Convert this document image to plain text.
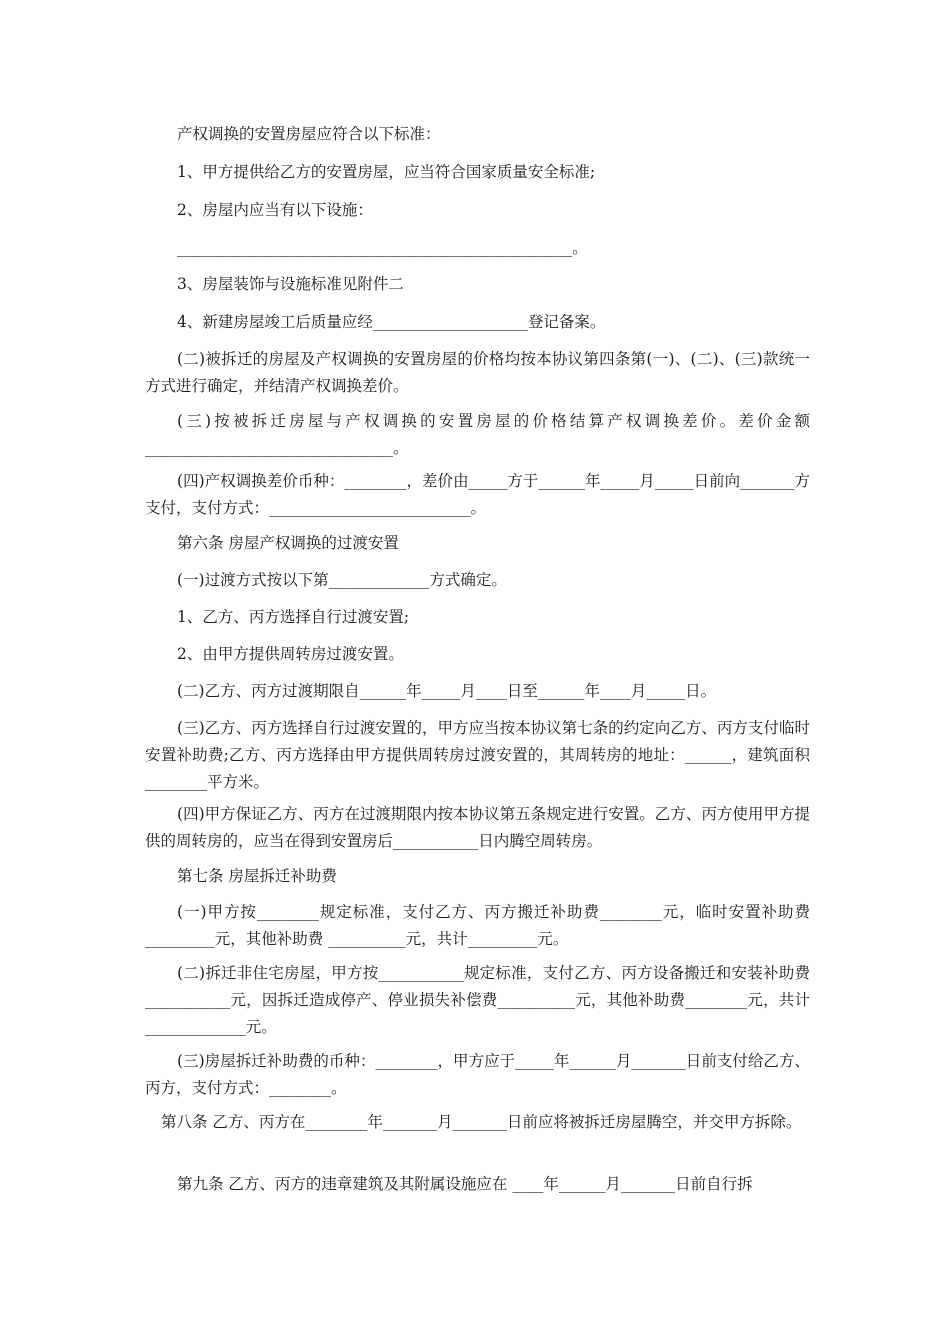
产权调换的安置房屋应符合以下标准：

1、甲方提供给乙方的安置房屋，应当符合国家质量安全标准;

2、房屋内应当有以下设施：

___________________________________________________。

3、房屋装饰与设施标准见附件二

4、新建房屋竣工后质量应经____________________登记备案。

(二)被拆迁的房屋及产权调换的安置房屋的价格均按本协议第四条第(一)、(二)、(三)款统一方式进行确定，并结清产权调换差价。

(三)按被拆迁房屋与产权调换的安置房屋的价格结算产权调换差价。差价金额________________________________。

(四)产权调换差价币种：________，差价由_____方于______年_____月_____日前向_______方支付，支付方式：__________________________。

第六条 房屋产权调换的过渡安置

(一)过渡方式按以下第_____________方式确定。

1、乙方、丙方选择自行过渡安置;

2、由甲方提供周转房过渡安置。

(二)乙方、丙方过渡期限自______年_____月____日至______年____月_____日。

(三)乙方、丙方选择自行过渡安置的，甲方应当按本协议第七条的约定向乙方、丙方支付临时安置补助费;乙方、丙方选择由甲方提供周转房过渡安置的，其周转房的地址：______，建筑面积________平方米。

(四)甲方保证乙方、丙方在过渡期限内按本协议第五条规定进行安置。乙方、丙方使用甲方提供的周转房的，应当在得到安置房后___________日内腾空周转房。

第七条 房屋拆迁补助费

(一)甲方按________规定标准，支付乙方、丙方搬迁补助费________元，临时安置补助费_________元，其他补助费 __________元，共计_________元。

(二)拆迁非住宅房屋，甲方按___________规定标准，支付乙方、丙方设备搬迁和安装补助费___________元，因拆迁造成停产、停业损失补偿费__________元，其他补助费________元，共计_____________元。

(三)房屋拆迁补助费的币种：________，甲方应于_____年______月_______日前支付给乙方、丙方，支付方式：________。

第八条 乙方、丙方在________年_______月_______日前应将被拆迁房屋腾空，并交甲方拆除。

第九条 乙方、丙方的违章建筑及其附属设施应在 ____年______月_______日前自行拆
